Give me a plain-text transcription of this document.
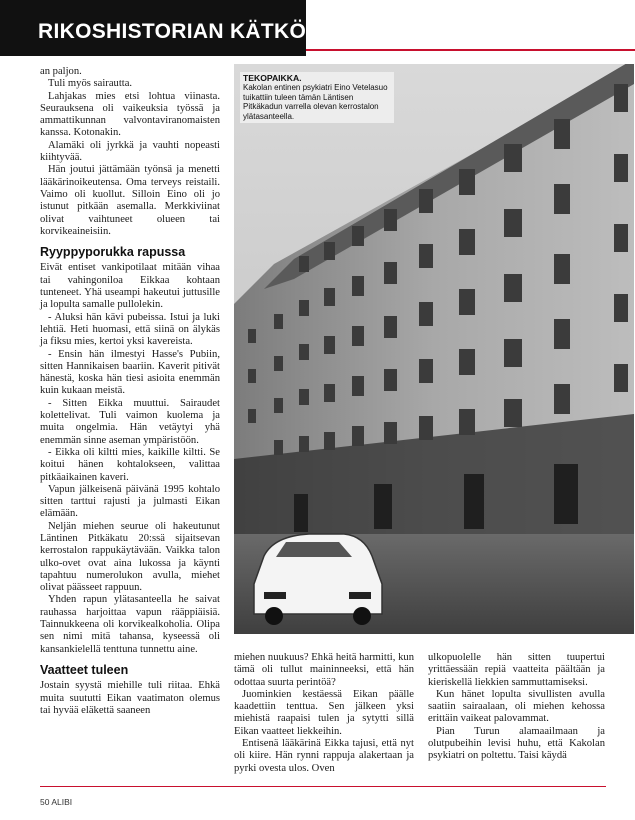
RIKOSHISTORIAN KÄTKÖISTÄ

an paljon.

Tuli myös sairautta.

Lahjakas mies etsi lohtua viinasta. Seurauksena oli vaikeuksia työssä ja ammattikunnan valvontaviranomaisten kanssa. Kotonakin.

Alamäki oli jyrkkä ja vauhti nopeasti kiihtyvää.

Hän joutui jättämään työnsä ja menetti lääkärinoikeutensa. Oma terveys reistaili. Vaimo oli kuollut. Silloin Eino oli jo istunut pitkään asemalla. Merkkiviinat olivat vaihtuneet olueen tai korvikeaineisiin.

Ryyppyporukka rapussa

Eivät entiset vankipotilaat mitään vihaa tai vahingoniloa Eikkaa kohtaan tunteneet. Yhä useampi hakeutui juttusille ja lopulta samalle pullolekin.

- Aluksi hän kävi pubeissa. Istui ja luki lehtiä. Heti huomasi, että siinä on älykäs ja fiksu mies, kertoi yksi kavereista.

- Ensin hän ilmestyi Hasse's Pubiin, sitten Hannikaisen baariin. Kaverit pitivät hänestä, koska hän tiesi asioita enemmän kuin kukaan meistä.

- Sitten Eikka muuttui. Sairaudet kolettelivat. Tuli vaimon kuolema ja muita ongelmia. Hän vetäytyi yhä enemmän sinne aseman ympäristöön.

- Eikka oli kiltti mies, kaikille kiltti. Se koitui hänen kohtalokseen, valittaa pitkäaikainen kaveri.

Vapun jälkeisenä päivänä 1995 kohtalo sitten tarttui rajusti ja julmasti Eikan elämään.

Neljän miehen seurue oli hakeutunut Läntinen Pitkäkatu 20:ssä sijaitsevan kerrostalon rappukäytävään. Vaikka talon ulko-ovet ovat aina lukossa ja käynti tapahtuu numerolukon avulla, miehet olivat päässeet rappuun.

Yhden rapun ylätasanteella he saivat rauhassa harjoittaa vapun rääppiäisiä. Tainnukkeena oli korvikealkoholia. Olipa sen nimi mitä tahansa, kyseessä oli kansankielellä tenttuna tunnettu aine.

Vaatteet tuleen

Jostain syystä miehille tuli riitaa. Ehkä muita suututti Eikan vaatimaton olemus tai hyvää eläkettä saaneen

TEKOPAIKKA.
Kakolan entinen psykiatri Eino Vetelasuo tuikattiin tuleen tämän Läntisen Pitkäkadun varrella olevan kerrostalon ylätasanteella.

miehen nuukuus? Ehkä heitä harmitti, kun tämä oli tullut maininneeksi, että hän odottaa suurta perintöä?

Juominkien kestäessä Eikan päälle kaadettiin tenttua. Sen jälkeen yksi miehistä raapaisi tulen ja sytytti sillä Eikan vaatteet liekkeihin.

Entisenä lääkärinä Eikka tajusi, että nyt oli kiire. Hän rynni rappuja alakertaan ja pyrki ovesta ulos. Oven

ulkopuolelle hän sitten tuupertui yrittäessään repiä vaatteita päältään ja kieriskellä liekkien sammuttamiseksi.

Kun hänet lopulta sivullisten avulla saatiin sairaalaan, oli miehen kehossa erittäin vaikeat palovammat.

Pian Turun alamaailmaan ja olutpubeihin levisi huhu, että Kakolan psykiatri on poltettu. Taisi käydä

50 ALIBI
